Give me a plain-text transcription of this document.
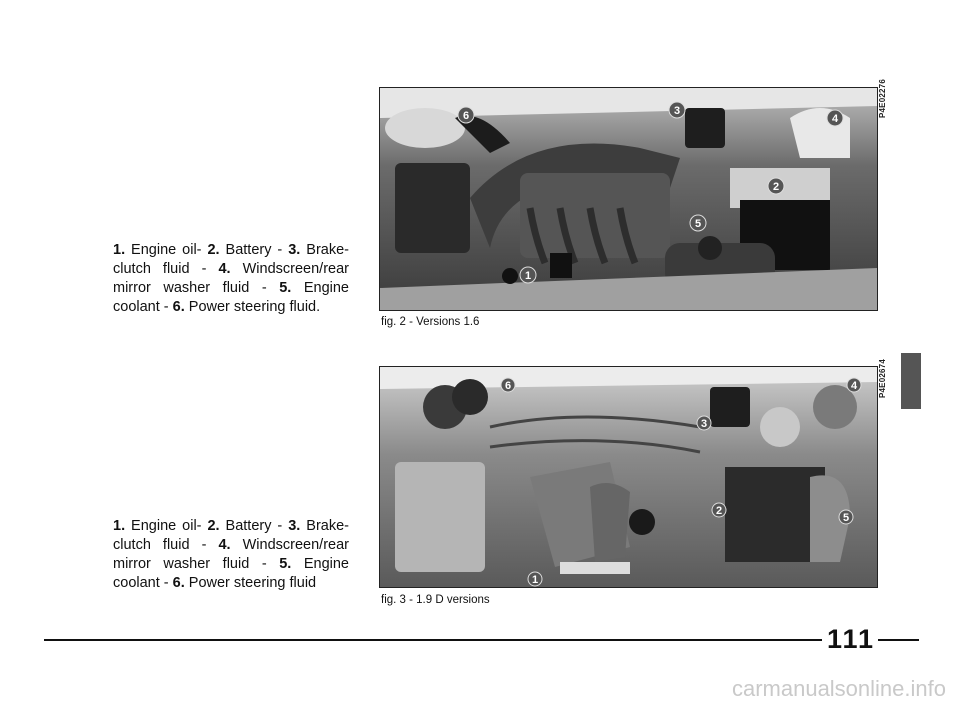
1. Engine oil- 2. Battery - 3. Brake-clutch fluid - 4. Windscreen/rear mirror washer fluid - 5. Engine coolant - 6. Power steering fluid.
1. Engine oil- 2. Battery - 3. Brake-clutch fluid - 4. Windscreen/rear mirror washer fluid - 5. Engine coolant - 6. Power steering fluid
1
2
3
4
5
6	P4E02276
fig. 2 - Versions 1.6
1
2
3
4
5
6	P4E02674
fig. 3 - 1.9 D versions
111
carmanualsonline.info
